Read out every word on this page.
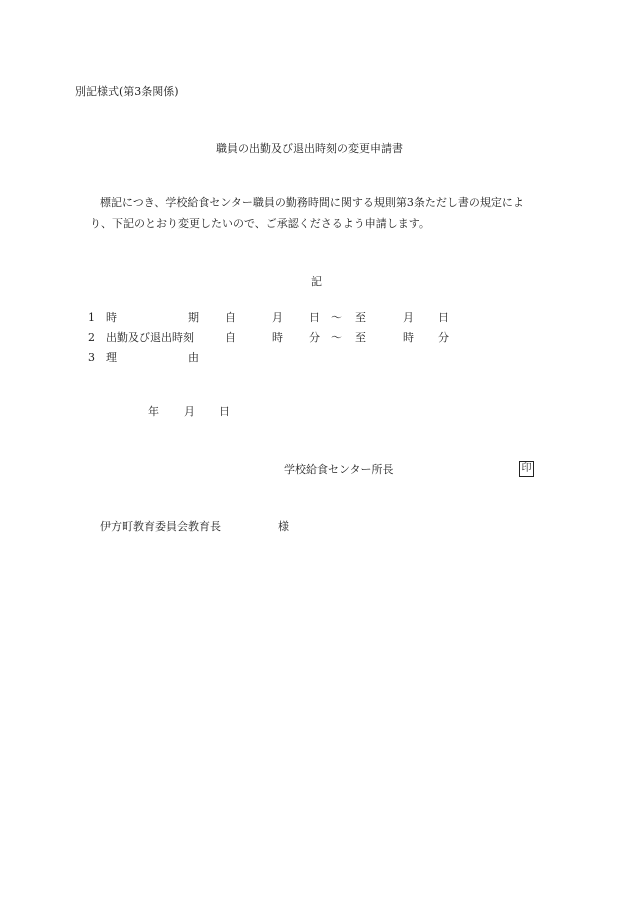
別記様式(第3条関係)
職員の出勤及び退出時刻の変更申請書
標記につき、学校給食センター職員の勤務時間に関する規則第3条ただし書の規定によ
り、下記のとおり変更したいので、ご承認くださるよう申請します。
記
1 時	期 自	月 日 〜 至	月 日
2 出勤及び退出時刻	自	時 分 〜 至	時 分
3 理	由
年 月 日
学校給食センター所長	印
伊方町教育委員会教育長	様
